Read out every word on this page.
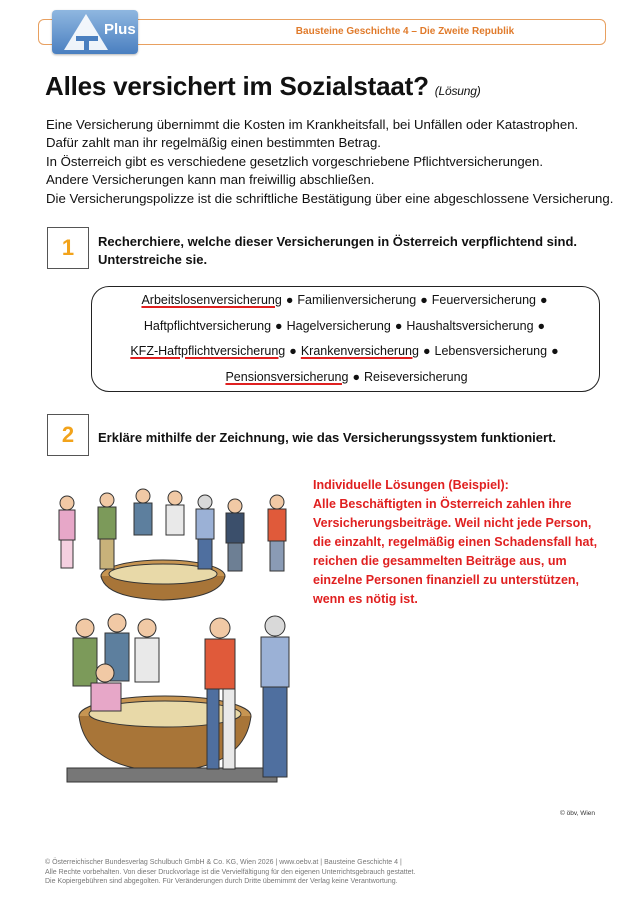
Plus	Bausteine Geschichte 4 – Die Zweite Republik
Alles versichert im Sozialstaat? (Lösung)
Eine Versicherung übernimmt die Kosten im Krankheitsfall, bei Unfällen oder Katastrophen.
Dafür zahlt man ihr regelmäßig einen bestimmten Betrag.
In Österreich gibt es verschiedene gesetzlich vorgeschriebene Pflichtversicherungen.
Andere Versicherungen kann man freiwillig abschließen.
Die Versicherungspolizze ist die schriftliche Bestätigung über eine abgeschlossene Versicherung.
1 Recherchiere, welche dieser Versicherungen in Österreich verpflichtend sind.
Unterstreiche sie.
Arbeitslosenversicherung ● Familienversicherung ● Feuerversicherung ●
Haftpflichtversicherung ● Hagelversicherung ● Haushaltsversicherung ●
KFZ-Haftpflichtversicherung ● Krankenversicherung ● Lebensversicherung ●
Pensionsversicherung ● Reiseversicherung
2 Erkläre mithilfe der Zeichnung, wie das Versicherungssystem funktioniert.
Individuelle Lösungen (Beispiel):
Alle Beschäftigten in Österreich zahlen ihre
Versicherungsbeiträge. Weil nicht jede Person,
die einzahlt, regelmäßig einen Schadensfall hat,
reichen die gesammelten Beiträge aus, um
einzelne Personen finanziell zu unterstützen,
wenn es nötig ist.
© öbv, Wien
© Österreichischer Bundesverlag Schulbuch GmbH & Co. KG, Wien 2026 | www.oebv.at | Bausteine Geschichte 4 |
Alle Rechte vorbehalten. Von dieser Druckvorlage ist die Vervielfältigung für den eigenen Unterrichtsgebrauch gestattet.
Die Kopiergebühren sind abgegolten. Für Veränderungen durch Dritte übernimmt der Verlag keine Verantwortung.
